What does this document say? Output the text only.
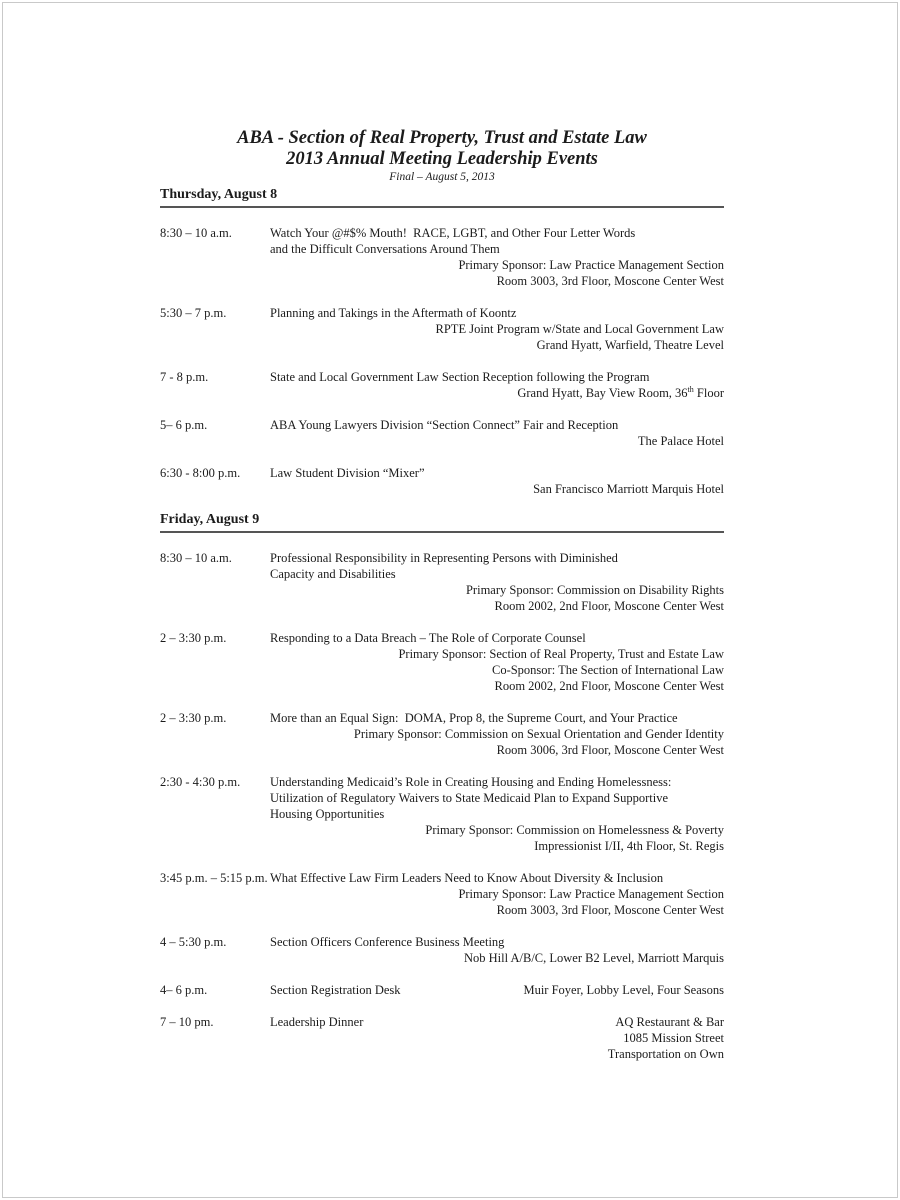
ABA - Section of Real Property, Trust and Estate Law
2013 Annual Meeting Leadership Events
Final – August 5, 2013
Thursday, August 8
8:30 – 10 a.m.	Watch Your @#$% Mouth!  RACE, LGBT, and Other Four Letter Words
and the Difficult Conversations Around Them
Primary Sponsor: Law Practice Management Section
Room 3003, 3rd Floor, Moscone Center West
5:30 – 7 p.m.	Planning and Takings in the Aftermath of Koontz
RPTE Joint Program w/State and Local Government Law
Grand Hyatt, Warfield, Theatre Level
7 - 8 p.m.	State and Local Government Law Section Reception following the Program
Grand Hyatt, Bay View Room, 36th Floor
5– 6 p.m.	ABA Young Lawyers Division “Section Connect” Fair and Reception
The Palace Hotel
6:30 - 8:00 p.m.	Law Student Division “Mixer”
San Francisco Marriott Marquis Hotel
Friday, August 9
8:30 – 10 a.m.	Professional Responsibility in Representing Persons with Diminished
Capacity and Disabilities
Primary Sponsor: Commission on Disability Rights
Room 2002, 2nd Floor, Moscone Center West
2 – 3:30 p.m.	Responding to a Data Breach – The Role of Corporate Counsel
Primary Sponsor: Section of Real Property, Trust and Estate Law
Co-Sponsor: The Section of International Law
Room 2002, 2nd Floor, Moscone Center West
2 – 3:30 p.m.	More than an Equal Sign:  DOMA, Prop 8, the Supreme Court, and Your Practice
Primary Sponsor: Commission on Sexual Orientation and Gender Identity
Room 3006, 3rd Floor, Moscone Center West
2:30 - 4:30 p.m.	Understanding Medicaid’s Role in Creating Housing and Ending Homelessness:
Utilization of Regulatory Waivers to State Medicaid Plan to Expand Supportive
Housing Opportunities
Primary Sponsor: Commission on Homelessness & Poverty
Impressionist I/II, 4th Floor, St. Regis
3:45 p.m. – 5:15 p.m. What Effective Law Firm Leaders Need to Know About Diversity & Inclusion
Primary Sponsor: Law Practice Management Section
Room 3003, 3rd Floor, Moscone Center West
4 – 5:30 p.m.	Section Officers Conference Business Meeting
Nob Hill A/B/C, Lower B2 Level, Marriott Marquis
4– 6 p.m.	Section Registration Desk	Muir Foyer, Lobby Level, Four Seasons
7 – 10 pm.	Leadership Dinner	AQ Restaurant & Bar
1085 Mission Street
Transportation on Own
